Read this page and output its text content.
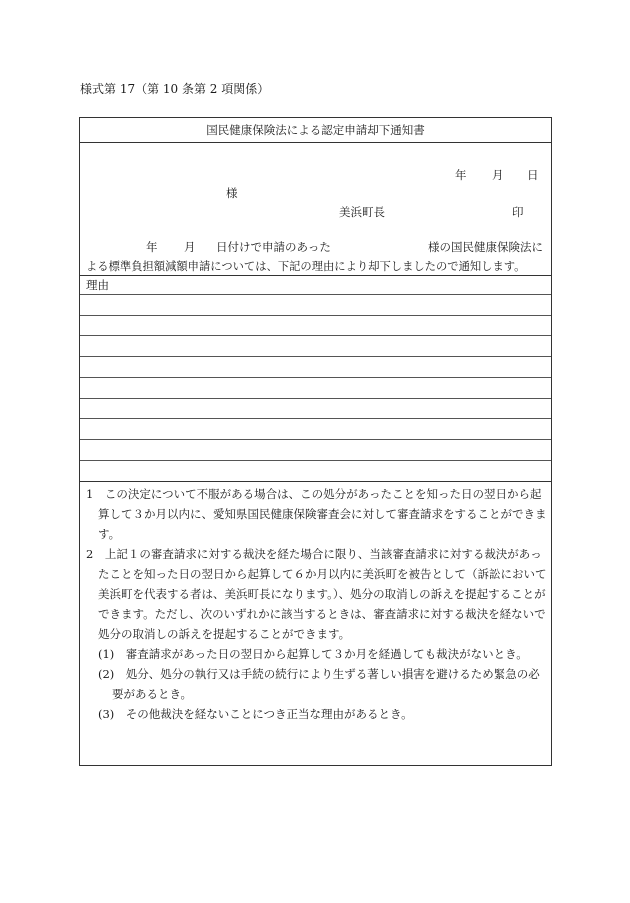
様式第 17（第 10 条第 2 項関係）
国民健康保険法による認定申請却下通知書
年 月 日
様
美浜町長	印
年 月 日付けで申請のあった	様の国民健康保険法に
よる標準負担額減額申請については、下記の理由により却下しましたので通知します。
理由
1　この決定について不服がある場合は、この処分があったことを知った日の翌日から起
算して３か月以内に、愛知県国民健康保険審査会に対して審査請求をすることができま
す。
2　上記１の審査請求に対する裁決を経た場合に限り、当該審査請求に対する裁決があっ
たことを知った日の翌日から起算して６か月以内に美浜町を被告として（訴訟において
美浜町を代表する者は、美浜町長になります。）、処分の取消しの訴えを提起することが
できます。ただし、次のいずれかに該当するときは、審査請求に対する裁決を経ないで
処分の取消しの訴えを提起することができます。
(1)　審査請求があった日の翌日から起算して３か月を経過しても裁決がないとき。
(2)　処分、処分の執行又は手続の続行により生ずる著しい損害を避けるため緊急の必
要があるとき。
(3)　その他裁決を経ないことにつき正当な理由があるとき。
